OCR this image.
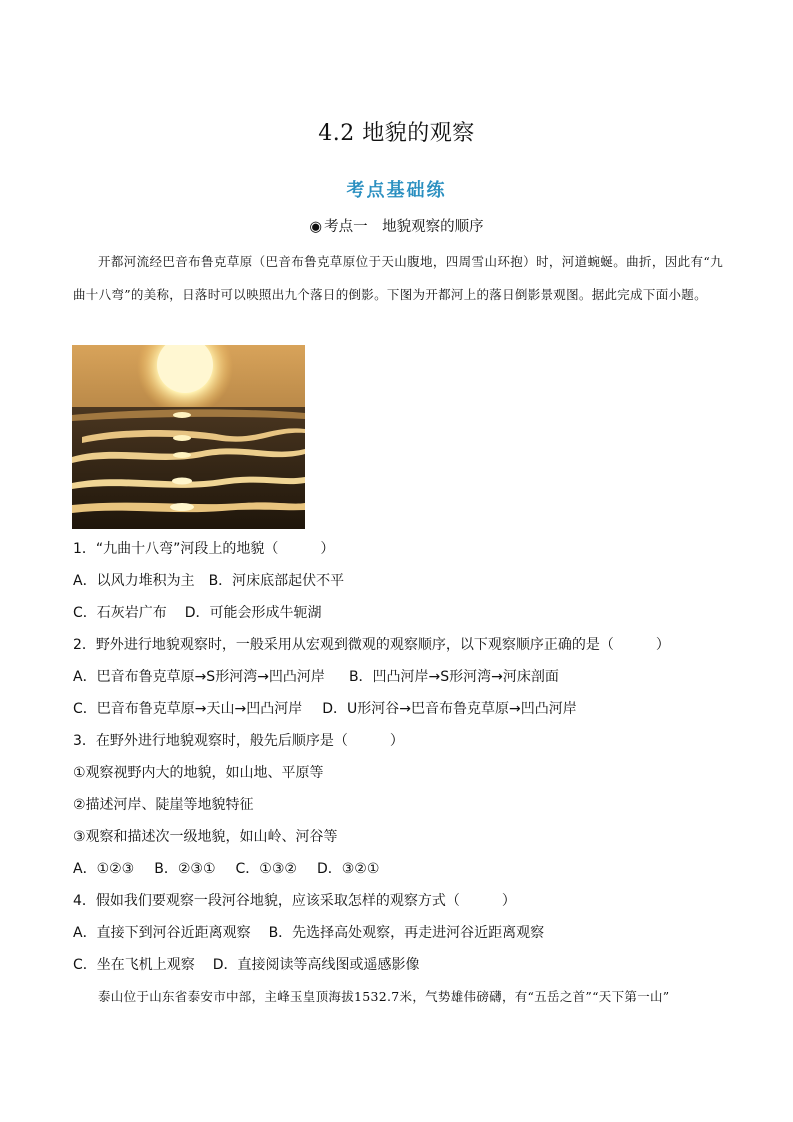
4.2 地貌的观察
考点基础练
◉ 考点一　地貌观察的顺序

开都河流经巴音布鲁克草原（巴音布鲁克草原位于天山腹地，四周雪山环抱）时，河道蜿蜒。曲折，因此有“九曲十八弯”的美称，日落时可以映照出九个落日的倒影。下图为开都河上的落日倒影景观图。据此完成下面小题。

1．“九曲十八弯”河段上的地貌（　　　）
A．以风力堆积为主 B．河床底部起伏不平
C．石灰岩广布 D．可能会形成牛轭湖
2．野外进行地貌观察时，一般采用从宏观到微观的观察顺序，以下观察顺序正确的是（　　　）
A．巴音布鲁克草原→S形河湾→凹凸河岸 B．凹凸河岸→S形河湾→河床剖面
C．巴音布鲁克草原→天山→凹凸河岸 D．U形河谷→巴音布鲁克草原→凹凸河岸
3．在野外进行地貌观察时，般先后顺序是（　　　）
①观察视野内大的地貌，如山地、平原等
②描述河岸、陡崖等地貌特征
③观察和描述次一级地貌，如山岭、河谷等
A．①②③ B．②③① C．①③② D．③②①
4．假如我们要观察一段河谷地貌，应该采取怎样的观察方式（　　　）
A．直接下到河谷近距离观察 B．先选择高处观察，再走进河谷近距离观察
C．坐在飞机上观察 D．直接阅读等高线图或遥感影像

泰山位于山东省泰安市中部，主峰玉皇顶海拔1532.7米，气势雄伟磅礴，有“五岳之首”“天下第一山”
